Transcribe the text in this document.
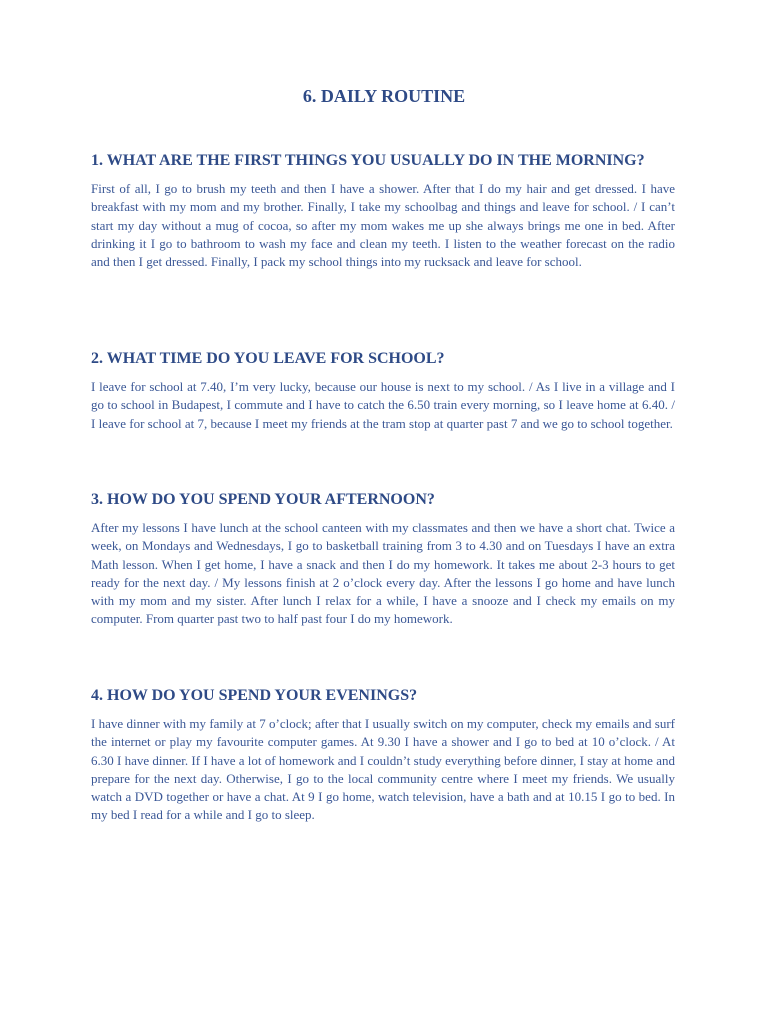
6. DAILY ROUTINE
1. WHAT ARE THE FIRST THINGS YOU USUALLY DO IN THE MORNING?

First of all, I go to brush my teeth and then I have a shower. After that I do my hair and get dressed. I have breakfast with my mom and my brother. Finally, I take my schoolbag and things and leave for school. / I can’t start my day without a mug of cocoa, so after my mom wakes me up she always brings me one in bed. After drinking it I go to bathroom to wash my face and clean my teeth. I listen to the weather forecast on the radio and then I get dressed. Finally, I pack my school things into my rucksack and leave for school.

2. WHAT TIME DO YOU LEAVE FOR SCHOOL?

I leave for school at 7.40, I’m very lucky, because our house is next to my school. / As I live in a village and I go to school in Budapest, I commute and I have to catch the 6.50 train every morning, so I leave home at 6.40. / I leave for school at 7, because I meet my friends at the tram stop at quarter past 7 and we go to school together.

3. HOW DO YOU SPEND YOUR AFTERNOON?

After my lessons I have lunch at the school canteen with my classmates and then we have a short chat. Twice a week, on Mondays and Wednesdays, I go to basketball training from 3 to 4.30 and on Tuesdays I have an extra Math lesson. When I get home, I have a snack and then I do my homework. It takes me about 2-3 hours to get ready for the next day. / My lessons finish at 2 o’clock every day. After the lessons I go home and have lunch with my mom and my sister. After lunch I relax for a while, I have a snooze and I check my emails on my computer. From quarter past two to half past four I do my homework.

4. HOW DO YOU SPEND YOUR EVENINGS?

I have dinner with my family at 7 o’clock; after that I usually switch on my computer, check my emails and surf the internet or play my favourite computer games. At 9.30 I have a shower and I go to bed at 10 o’clock. / At 6.30 I have dinner. If I have a lot of homework and I couldn’t study everything before dinner, I stay at home and prepare for the next day. Otherwise, I go to the local community centre where I meet my friends. We usually watch a DVD together or have a chat. At 9 I go home, watch television, have a bath and at 10.15 I go to bed. In my bed I read for a while and I go to sleep.
